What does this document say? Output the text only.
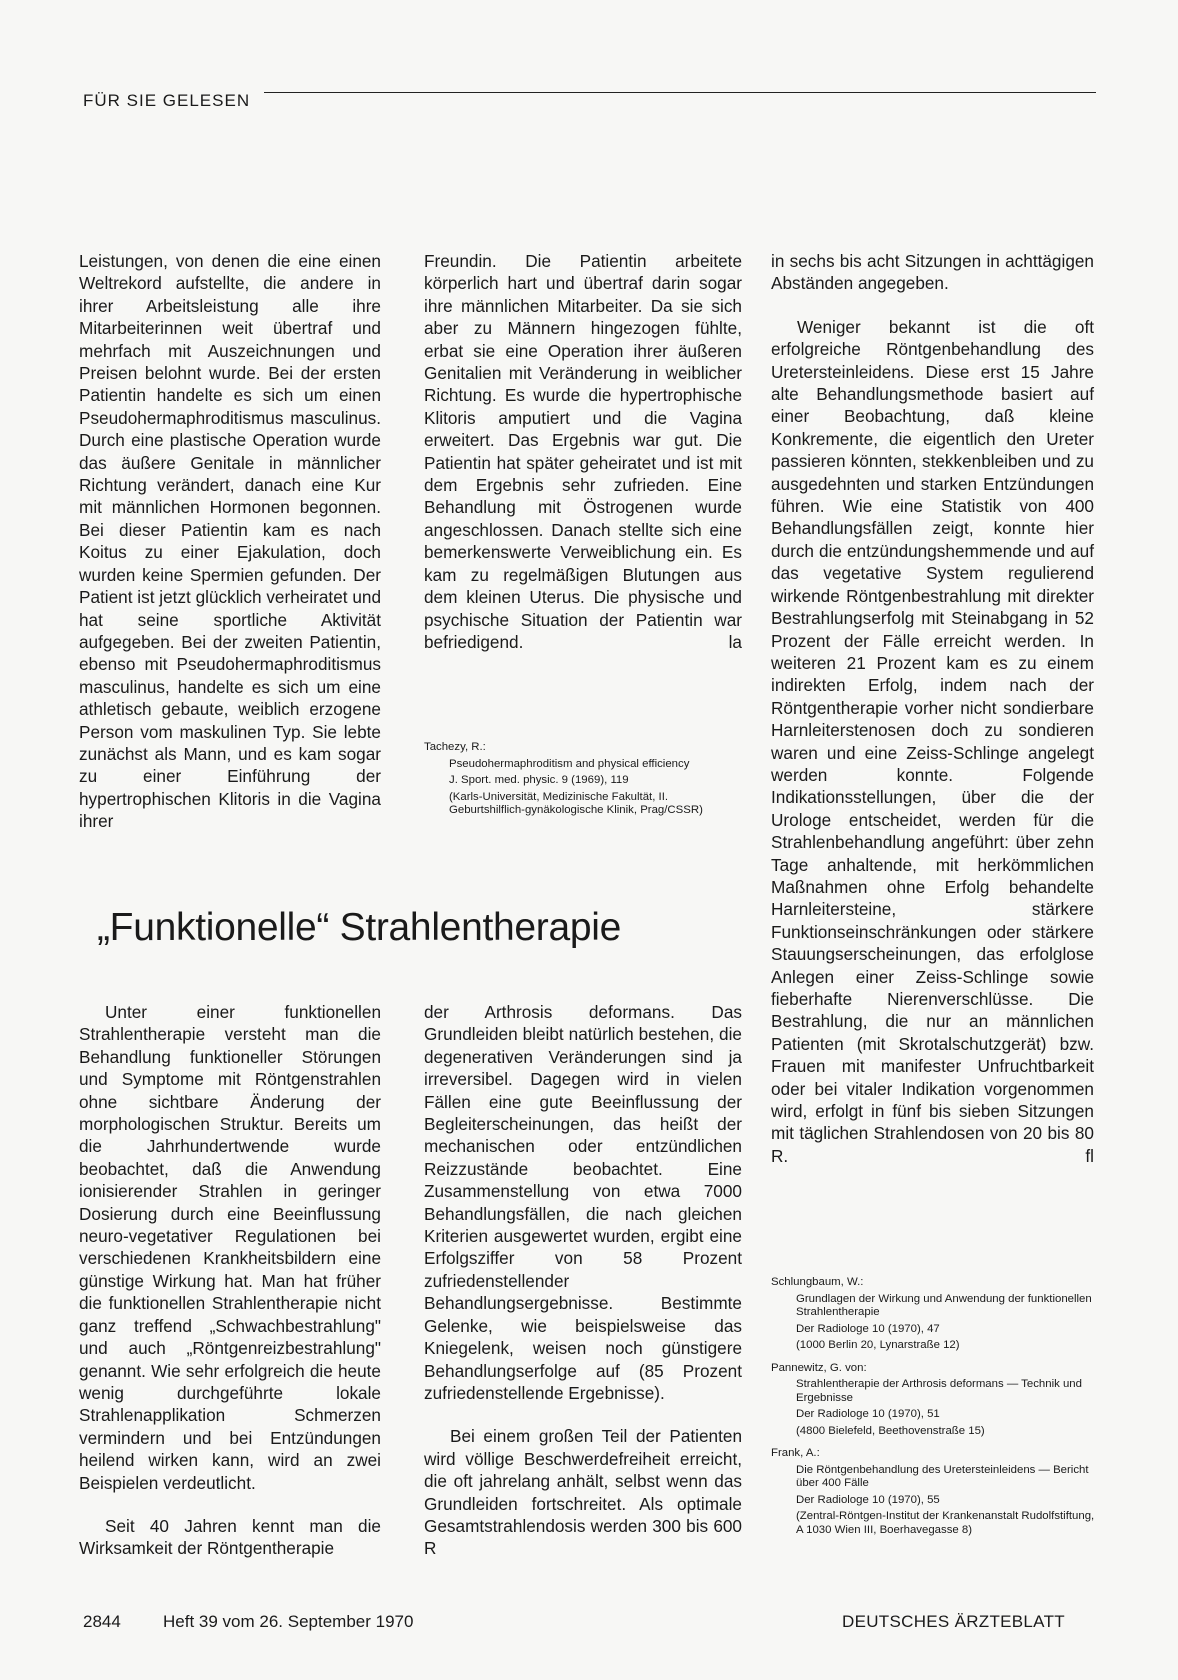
FÜR SIE GELESEN

Leistungen, von denen die eine einen Weltrekord aufstellte, die andere in ihrer Arbeitsleistung alle ihre Mitarbeiterinnen weit übertraf und mehrfach mit Auszeichnungen und Preisen belohnt wurde. Bei der ersten Patientin handelte es sich um einen Pseudohermaphroditismus masculinus. Durch eine plastische Operation wurde das äußere Genitale in männlicher Richtung verändert, danach eine Kur mit männlichen Hormonen begonnen. Bei dieser Patientin kam es nach Koitus zu einer Ejakulation, doch wurden keine Spermien gefunden. Der Patient ist jetzt glücklich verheiratet und hat seine sportliche Aktivität aufgegeben. Bei der zweiten Patientin, ebenso mit Pseudohermaphroditismus masculinus, handelte es sich um eine athletisch gebaute, weiblich erzogene Person vom maskulinen Typ. Sie lebte zunächst als Mann, und es kam sogar zu einer Einführung der hypertrophischen Klitoris in die Vagina ihrer

Freundin. Die Patientin arbeitete körperlich hart und übertraf darin sogar ihre männlichen Mitarbeiter. Da sie sich aber zu Männern hingezogen fühlte, erbat sie eine Operation ihrer äußeren Genitalien mit Veränderung in weiblicher Richtung. Es wurde die hypertrophische Klitoris amputiert und die Vagina erweitert. Das Ergebnis war gut. Die Patientin hat später geheiratet und ist mit dem Ergebnis sehr zufrieden. Eine Behandlung mit Östrogenen wurde angeschlossen. Danach stellte sich eine bemerkenswerte Verweiblichung ein. Es kam zu regelmäßigen Blutungen aus dem kleinen Uterus. Die physische und psychische Situation der Patientin war befriedigend.	la

Tachezy, R.:
Pseudohermaphroditism and physical efficiency
J. Sport. med. physic. 9 (1969), 119
(Karls-Universität, Medizinische Fakultät, II. Geburtshilflich-gynäkologische Klinik, Prag/CSSR)
„Funktionelle“ Strahlentherapie

Unter einer funktionellen Strahlentherapie versteht man die Behandlung funktioneller Störungen und Symptome mit Röntgenstrahlen ohne sichtbare Änderung der morphologischen Struktur. Bereits um die Jahrhundertwende wurde beobachtet, daß die Anwendung ionisierender Strahlen in geringer Dosierung durch eine Beeinflussung neuro-vegetativer Regulationen bei verschiedenen Krankheitsbildern eine günstige Wirkung hat. Man hat früher die funktionellen Strahlentherapie nicht ganz treffend „Schwachbestrahlung" und auch „Röntgenreizbestrahlung" genannt. Wie sehr erfolgreich die heute wenig durchgeführte lokale Strahlenapplikation Schmerzen vermindern und bei Entzündungen heilend wirken kann, wird an zwei Beispielen verdeutlicht.

Seit 40 Jahren kennt man die Wirksamkeit der Röntgentherapie

der Arthrosis deformans. Das Grundleiden bleibt natürlich bestehen, die degenerativen Veränderungen sind ja irreversibel. Dagegen wird in vielen Fällen eine gute Beeinflussung der Begleiterscheinungen, das heißt der mechanischen oder entzündlichen Reizzustände beobachtet. Eine Zusammenstellung von etwa 7000 Behandlungsfällen, die nach gleichen Kriterien ausgewertet wurden, ergibt eine Erfolgsziffer von 58 Prozent zufriedenstellender Behandlungsergebnisse. Bestimmte Gelenke, wie beispielsweise das Kniegelenk, weisen noch günstigere Behandlungserfolge auf (85 Prozent zufriedenstellende Ergebnisse).

Bei einem großen Teil der Patienten wird völlige Beschwerdefreiheit erreicht, die oft jahrelang anhält, selbst wenn das Grundleiden fortschreitet. Als optimale Gesamtstrahlendosis werden 300 bis 600 R

in sechs bis acht Sitzungen in achttägigen Abständen angegeben.

Weniger bekannt ist die oft erfolgreiche Röntgenbehandlung des Uretersteinleidens. Diese erst 15 Jahre alte Behandlungsmethode basiert auf einer Beobachtung, daß kleine Konkremente, die eigentlich den Ureter passieren könnten, stekkenbleiben und zu ausgedehnten und starken Entzündungen führen. Wie eine Statistik von 400 Behandlungsfällen zeigt, konnte hier durch die entzündungshemmende und auf das vegetative System regulierend wirkende Röntgenbestrahlung mit direkter Bestrahlungserfolg mit Steinabgang in 52 Prozent der Fälle erreicht werden. In weiteren 21 Prozent kam es zu einem indirekten Erfolg, indem nach der Röntgentherapie vorher nicht sondierbare Harnleiterstenosen doch zu sondieren waren und eine Zeiss-Schlinge angelegt werden konnte. Folgende Indikationsstellungen, über die der Urologe entscheidet, werden für die Strahlenbehandlung angeführt: über zehn Tage anhaltende, mit herkömmlichen Maßnahmen ohne Erfolg behandelte Harnleitersteine, stärkere Funktionseinschränkungen oder stärkere Stauungserscheinungen, das erfolglose Anlegen einer Zeiss-Schlinge sowie fieberhafte Nierenverschlüsse. Die Bestrahlung, die nur an männlichen Patienten (mit Skrotalschutzgerät) bzw. Frauen mit manifester Unfruchtbarkeit oder bei vitaler Indikation vorgenommen wird, erfolgt in fünf bis sieben Sitzungen mit täglichen Strahlendosen von 20 bis 80 R.	fl

Schlungbaum, W.:
Grundlagen der Wirkung und Anwendung der funktionellen Strahlentherapie
Der Radiologe 10 (1970), 47
(1000 Berlin 20, Lynarstraße 12)
Pannewitz, G. von:
Strahlentherapie der Arthrosis deformans — Technik und Ergebnisse
Der Radiologe 10 (1970), 51
(4800 Bielefeld, Beethovenstraße 15)
Frank, A.:
Die Röntgenbehandlung des Uretersteinleidens — Bericht über 400 Fälle
Der Radiologe 10 (1970), 55
(Zentral-Röntgen-Institut der Krankenanstalt Rudolfstiftung, A 1030 Wien III, Boerhavegasse 8)
2844 Heft 39 vom 26. September 1970	DEUTSCHES ÄRZTEBLATT
